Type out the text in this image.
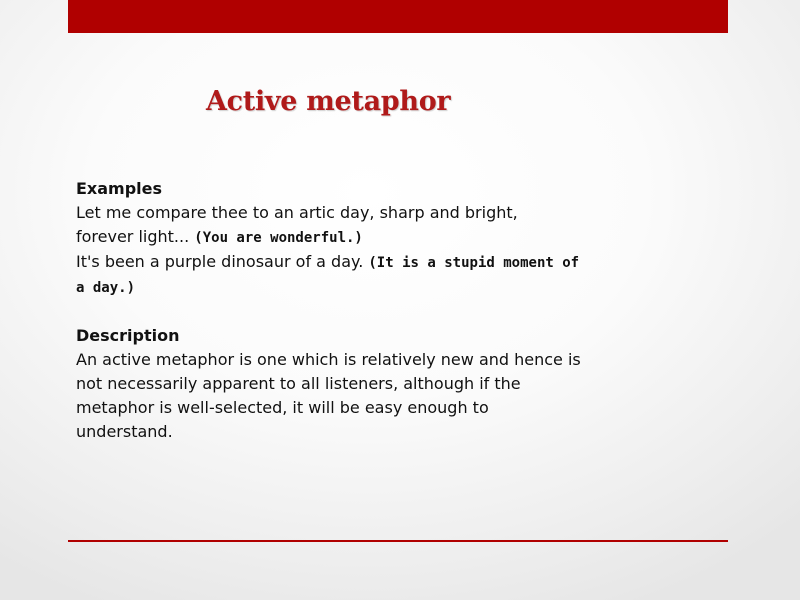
Active metaphor
Examples
Let me compare thee to an artic day, sharp and bright,
forever light... (You are wonderful.)
It's been a purple dinosaur of a day. (It is a stupid moment of
a day.)
Description
An active metaphor is one which is relatively new and hence is
not necessarily apparent to all listeners, although if the
metaphor is well-selected, it will be easy enough to
understand.
